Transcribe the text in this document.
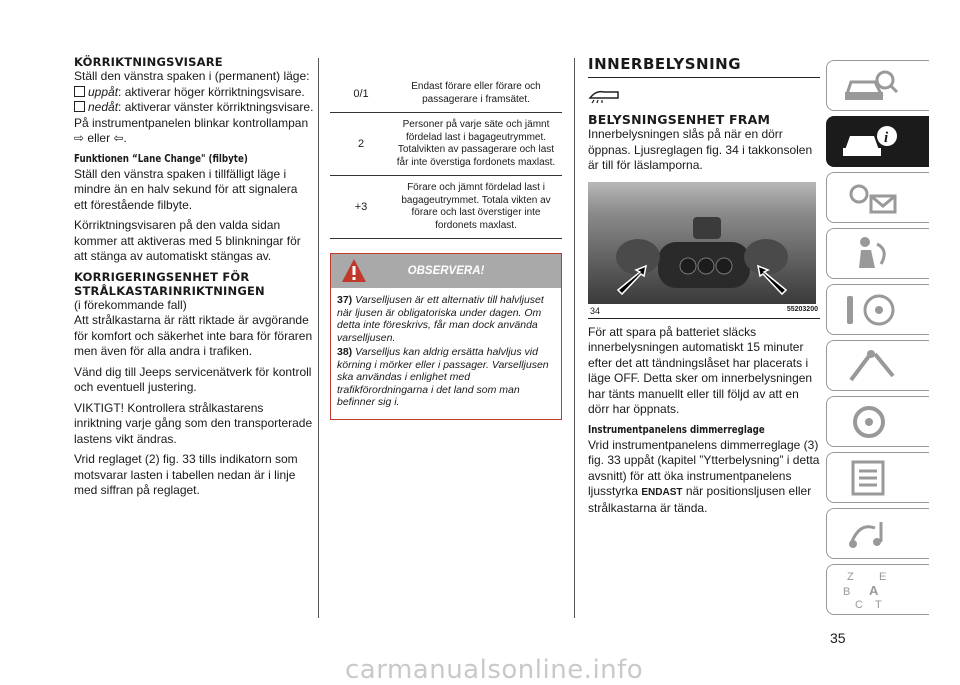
KÖRRIKTNINGSVISARE

Ställ den vänstra spaken i (permanent) läge:

uppåt: aktiverar höger körriktningsvisare.

nedåt: aktiverar vänster körriktningsvisare.

På instrumentpanelen blinkar kontrollampan ⇨ eller ⇦.

Funktionen “Lane Change" (filbyte)

Ställ den vänstra spaken i tillfälligt läge i mindre än en halv sekund för att signalera ett förestående filbyte.

Körriktningsvisaren på den valda sidan kommer att aktiveras med 5 blinkningar för att stänga av automatiskt stängas av.

KORRIGERINGSENHET FÖR
STRÅLKASTARINRIKTNINGEN

(i förekommande fall)

Att strålkastarna är rätt riktade är avgörande för komfort och säkerhet inte bara för föraren men även för alla andra i trafiken.

Vänd dig till Jeeps servicenätverk för kontroll och eventuell justering.

VIKTIGT! Kontrollera strålkastarens inriktning varje gång som den transporterade lastens vikt ändras.

Vrid reglaget (2) fig. 33 tills indikatorn som motsvarar lasten i tabellen nedan är i linje med siffran på reglaget.

0/1
Endast förare eller förare och passagerare i framsätet.
2
Personer på varje säte och jämnt fördelad last i bagageutrymmet. Totalvikten av passagerare och last får inte överstiga fordonets maxlast.
+3
Förare och jämnt fördelad last i bagageutrymmet. Totala vikten av förare och last överstiger inte fordonets maxlast.
OBSERVERA!
37) Varselljusen är ett alternativ till halvljuset när ljusen är obligatoriska under dagen. Om detta inte föreskrivs, får man dock använda varselljusen.
38) Varselljus kan aldrig ersätta halvljus vid körning i mörker eller i passager. Varselljusen ska användas i enlighet med trafikförordningarna i det land som man befinner sig i.
INNERBELYSNING
BELYSNINGSENHET FRAM

Innerbelysningen slås på när en dörr öppnas. Ljusreglagen fig. 34 i takkonsolen är till för läslamporna.

34	55203200

För att spara på batteriet släcks innerbelysningen automatiskt 15 minuter efter det att tändningslåset har placerats i läge OFF. Detta sker om innerbelysningen har tänts manuellt eller till följd av att en dörr har öppnats.

Instrumentpanelens dimmerreglage

Vrid instrumentpanelens dimmerreglage (3) fig. 33 uppåt (kapitel ”Ytterbelysning” i detta avsnitt) för att öka instrumentpanelens ljusstyrka ENDAST när positionsljusen eller strålkastarna är tända.

i
Z E
B A
C T
35
carmanualsonline.info
